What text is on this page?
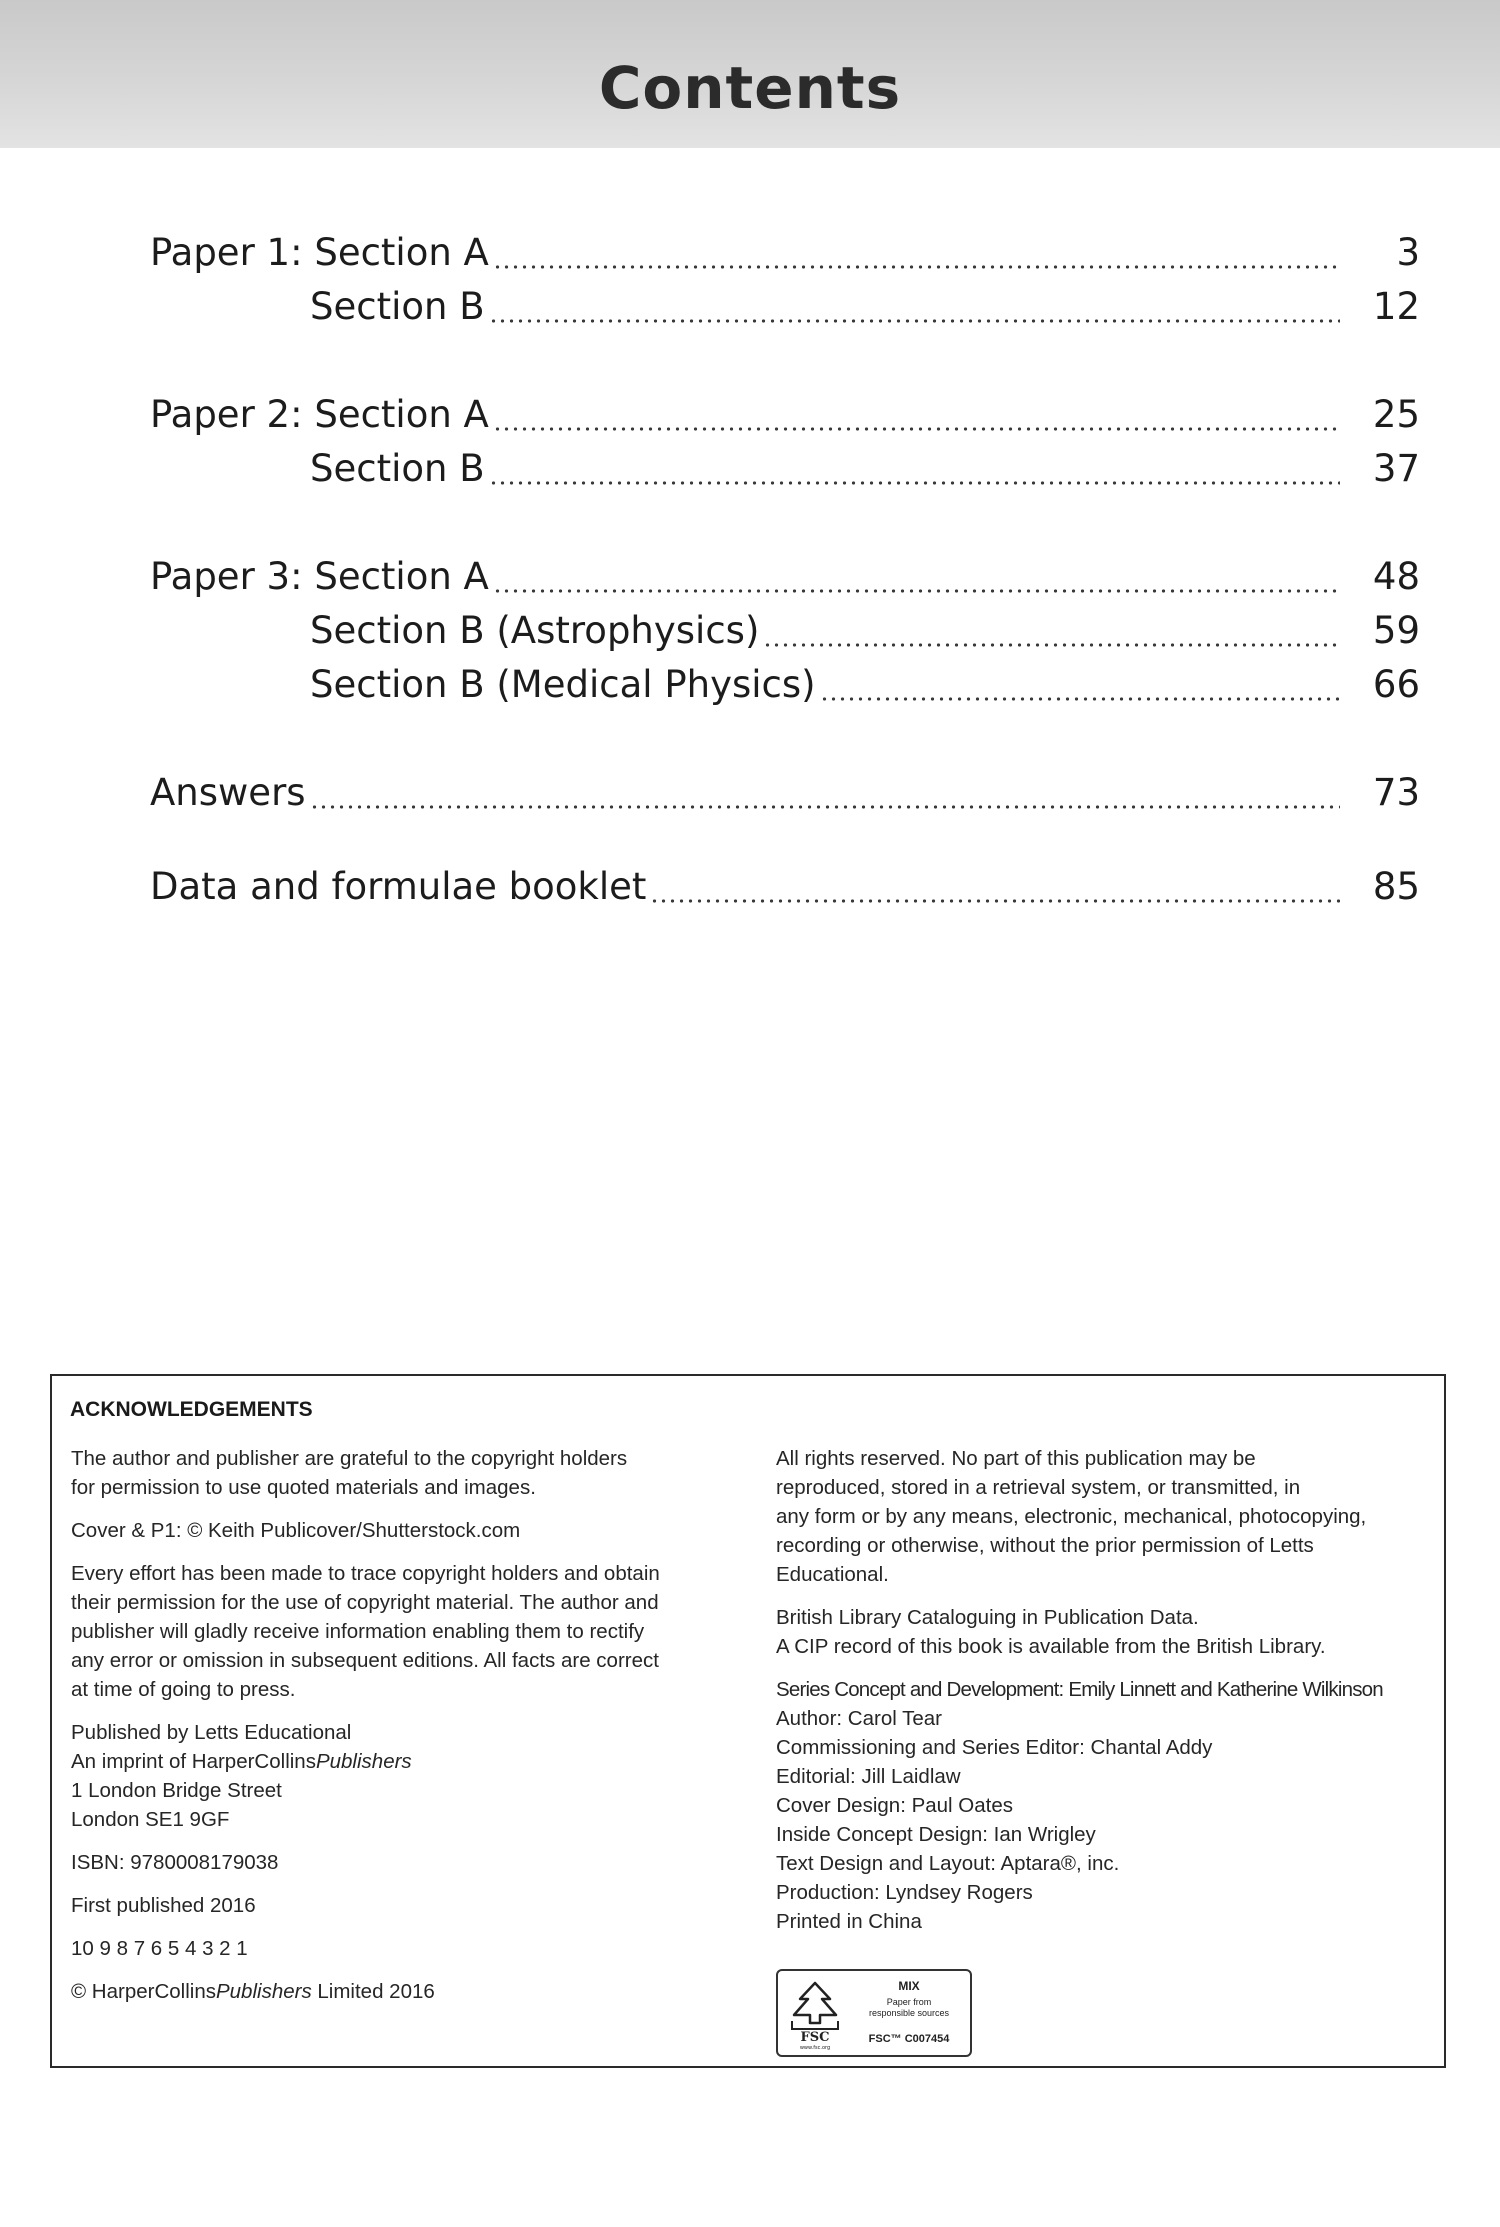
Contents
Paper 1: Section A	3
Section B	12
Paper 2: Section A	25
Section B	37
Paper 3: Section A	48
Section B (Astrophysics)	59
Section B (Medical Physics)	66
Answers	73
Data and formulae booklet	85
ACKNOWLEDGEMENTS

The author and publisher are grateful to the copyright holders
for permission to use quoted materials and images.

Cover & P1: © Keith Publicover/Shutterstock.com

Every effort has been made to trace copyright holders and obtain
their permission for the use of copyright material. The author and
publisher will gladly receive information enabling them to rectify
any error or omission in subsequent editions. All facts are correct
at time of going to press.

Published by Letts Educational
An imprint of HarperCollinsPublishers
1 London Bridge Street
London SE1 9GF

ISBN: 9780008179038

First published 2016

10 9 8 7 6 5 4 3 2 1

© HarperCollinsPublishers Limited 2016

All rights reserved. No part of this publication may be
reproduced, stored in a retrieval system, or transmitted, in
any form or by any means, electronic, mechanical, photocopying,
recording or otherwise, without the prior permission of Letts
Educational.

British Library Cataloguing in Publication Data.
A CIP record of this book is available from the British Library.

Series Concept and Development: Emily Linnett and Katherine Wilkinson
Author: Carol Tear
Commissioning and Series Editor: Chantal Addy
Editorial: Jill Laidlaw
Cover Design: Paul Oates
Inside Concept Design: Ian Wrigley
Text Design and Layout: Aptara®, inc.
Production: Lyndsey Rogers
Printed in China

FSC
www.fsc.org
MIX
Paper from
responsible sources
FSC™ C007454
